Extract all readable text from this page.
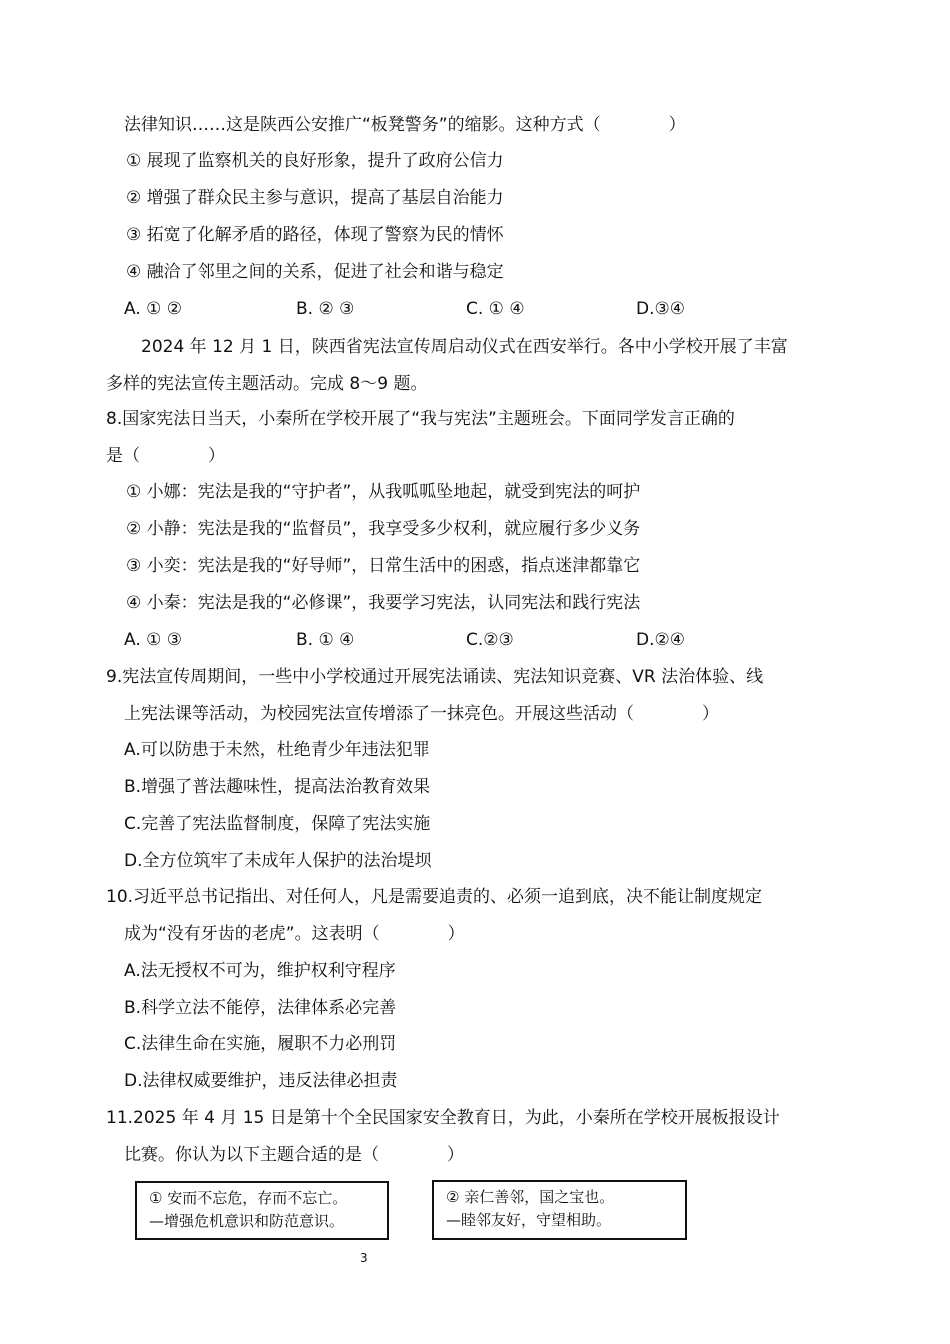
法律知识……这是陕西公安推广“板凳警务”的缩影。这种方式（　　　　）
① 展现了监察机关的良好形象，提升了政府公信力
② 增强了群众民主参与意识，提高了基层自治能力
③ 拓宽了化解矛盾的路径，体现了警察为民的情怀
④ 融洽了邻里之间的关系，促进了社会和谐与稳定
A. ① ②	B. ② ③	C. ① ④	D.③④
2024 年 12 月 1 日，陕西省宪法宣传周启动仪式在西安举行。各中小学校开展了丰富
多样的宪法宣传主题活动。完成 8～9 题。
8.国家宪法日当天，小秦所在学校开展了“我与宪法”主题班会。下面同学发言正确的
是（　　　　）
① 小娜：宪法是我的“守护者”，从我呱呱坠地起，就受到宪法的呵护
② 小静：宪法是我的“监督员”，我享受多少权利，就应履行多少义务
③ 小奕：宪法是我的“好导师”，日常生活中的困惑，指点迷津都靠它
④ 小秦：宪法是我的“必修课”，我要学习宪法，认同宪法和践行宪法
A. ① ③	B. ① ④	C.②③	D.②④
9.宪法宣传周期间，一些中小学校通过开展宪法诵读、宪法知识竞赛、VR 法治体验、线
上宪法课等活动，为校园宪法宣传增添了一抹亮色。开展这些活动（　　　　）
A.可以防患于未然，杜绝青少年违法犯罪
B.增强了普法趣味性，提高法治教育效果
C.完善了宪法监督制度，保障了宪法实施
D.全方位筑牢了未成年人保护的法治堤坝
10.习近平总书记指出、对任何人，凡是需要追责的、必须一追到底，决不能让制度规定
成为“没有牙齿的老虎”。这表明（　　　　）
A.法无授权不可为，维护权利守程序
B.科学立法不能停，法律体系必完善
C.法律生命在实施，履职不力必刑罚
D.法律权威要维护，违反法律必担责
11.2025 年 4 月 15 日是第十个全民国家安全教育日，为此，小秦所在学校开展板报设计
比赛。你认为以下主题合适的是（　　　　）
① 安而不忘危，存而不忘亡。
—增强危机意识和防范意识。
② 亲仁善邻，国之宝也。
—睦邻友好，守望相助。
3
